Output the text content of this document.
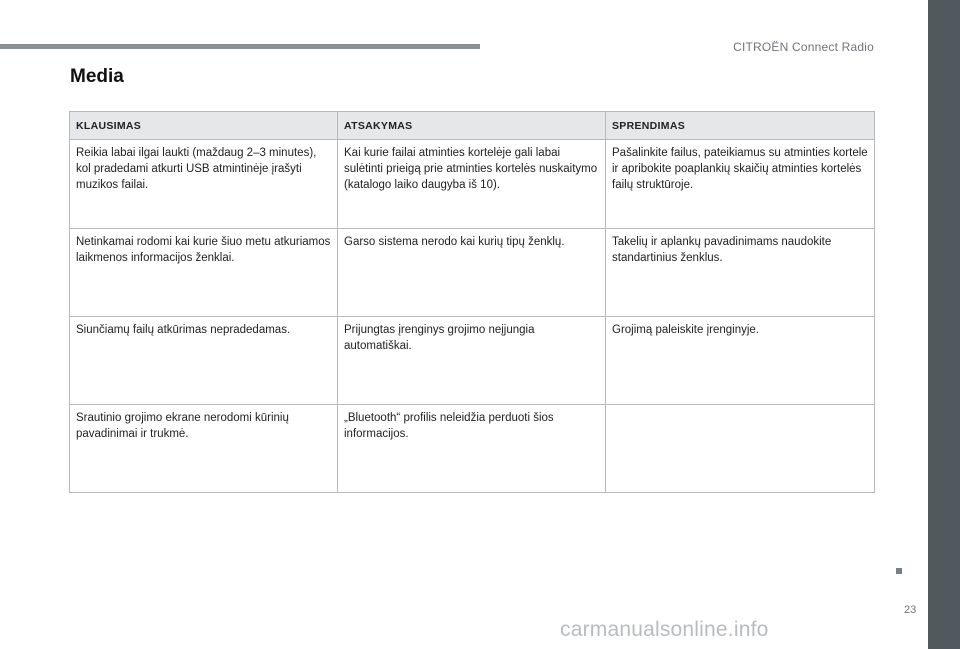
CITROËN Connect Radio
Media
KLAUSIMAS	ATSAKYMAS	SPRENDIMAS
Reikia labai ilgai laukti (maždaug 2–3 minutes), kol pradedami atkurti USB atmintinėje įrašyti muzikos failai.	Kai kurie failai atminties kortelėje gali labai sulėtinti prieigą prie atminties kortelės nuskaitymo (katalogo laiko daugyba iš 10).	Pašalinkite failus, pateikiamus su atminties kortele ir apribokite poaplankių skaičių atminties kortelės failų struktūroje.
Netinkamai rodomi kai kurie šiuo metu atkuriamos laikmenos informacijos ženklai.	Garso sistema nerodo kai kurių tipų ženklų.	Takelių ir aplankų pavadinimams naudokite standartinius ženklus.
Siunčiamų failų atkūrimas nepradedamas.	Prijungtas įrenginys grojimo neįjungia automatiškai.	Grojimą paleiskite įrenginyje.
Srautinio grojimo ekrane nerodomi kūrinių pavadinimai ir trukmė.	„Bluetooth“ profilis neleidžia perduoti šios informacijos.	
23
carmanualsonline.info
